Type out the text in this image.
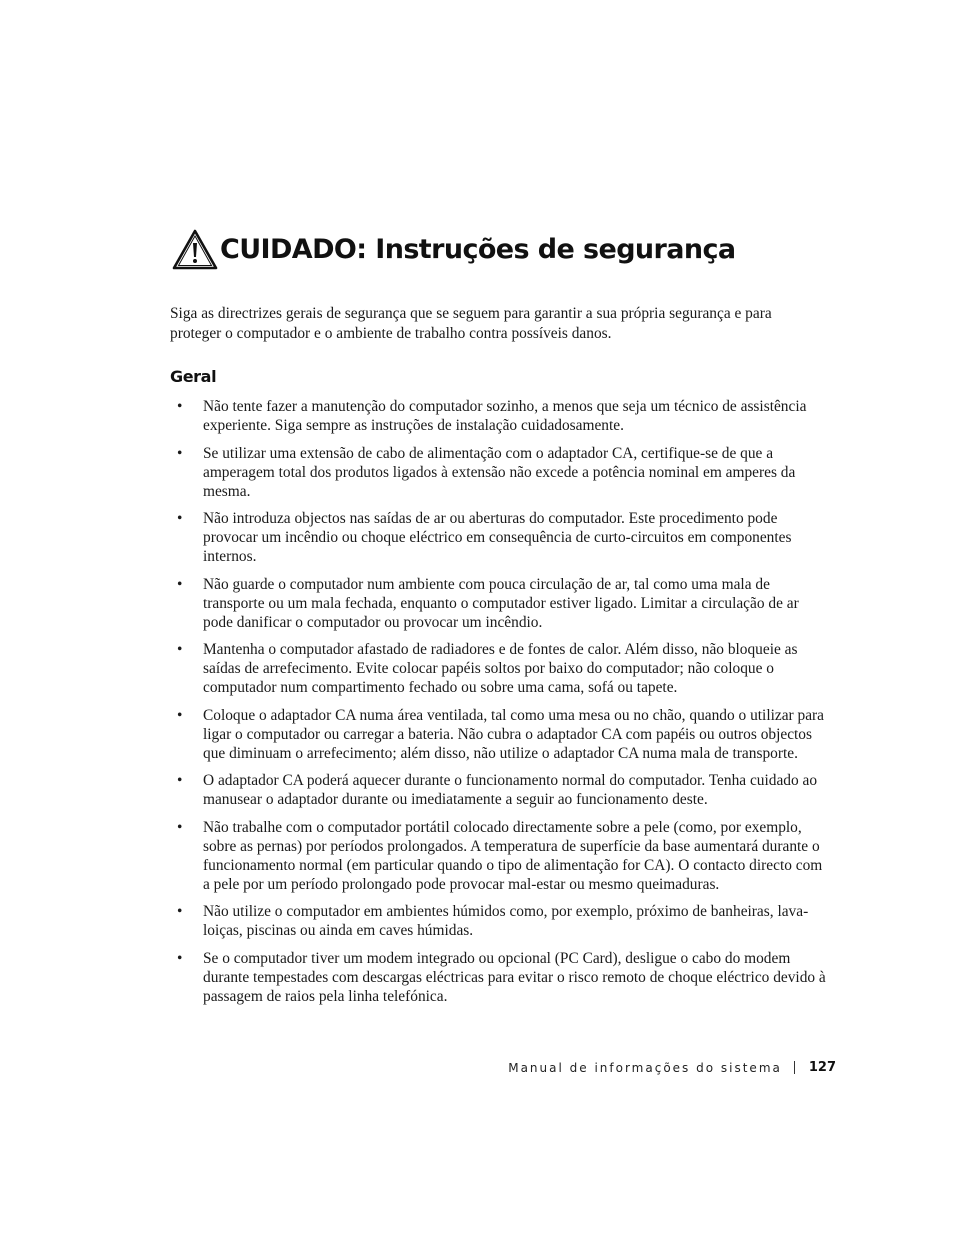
CUIDADO: Instruções de segurança

Siga as directrizes gerais de segurança que se seguem para garantir a sua própria segurança e para proteger o computador e o ambiente de trabalho contra possíveis danos.

Geral
• Não tente fazer a manutenção do computador sozinho, a menos que seja um técnico de assistência experiente. Siga sempre as instruções de instalação cuidadosamente.
• Se utilizar uma extensão de cabo de alimentação com o adaptador CA, certifique-se de que a amperagem total dos produtos ligados à extensão não excede a potência nominal em amperes da mesma.
• Não introduza objectos nas saídas de ar ou aberturas do computador. Este procedimento pode provocar um incêndio ou choque eléctrico em consequência de curto-circuitos em componentes internos.
• Não guarde o computador num ambiente com pouca circulação de ar, tal como uma mala de transporte ou um mala fechada, enquanto o computador estiver ligado. Limitar a circulação de ar pode danificar o computador ou provocar um incêndio.
• Mantenha o computador afastado de radiadores e de fontes de calor. Além disso, não bloqueie as saídas de arrefecimento. Evite colocar papéis soltos por baixo do computador; não coloque o computador num compartimento fechado ou sobre uma cama, sofá ou tapete.
• Coloque o adaptador CA numa área ventilada, tal como uma mesa ou no chão, quando o utilizar para ligar o computador ou carregar a bateria. Não cubra o adaptador CA com papéis ou outros objectos que diminuam o arrefecimento; além disso, não utilize o adaptador CA numa mala de transporte.
• O adaptador CA poderá aquecer durante o funcionamento normal do computador. Tenha cuidado ao manusear o adaptador durante ou imediatamente a seguir ao funcionamento deste.
• Não trabalhe com o computador portátil colocado directamente sobre a pele (como, por exemplo, sobre as pernas) por períodos prolongados. A temperatura de superfície da base aumentará durante o funcionamento normal (em particular quando o tipo de alimentação for CA). O contacto directo com a pele por um período prolongado pode provocar mal-estar ou mesmo queimaduras.
• Não utilize o computador em ambientes húmidos como, por exemplo, próximo de banheiras, lava-loiças, piscinas ou ainda em caves húmidas.
• Se o computador tiver um modem integrado ou opcional (PC Card), desligue o cabo do modem durante tempestades com descargas eléctricas para evitar o risco remoto de choque eléctrico devido à passagem de raios pela linha telefónica.
Manual de informações do sistema 127
